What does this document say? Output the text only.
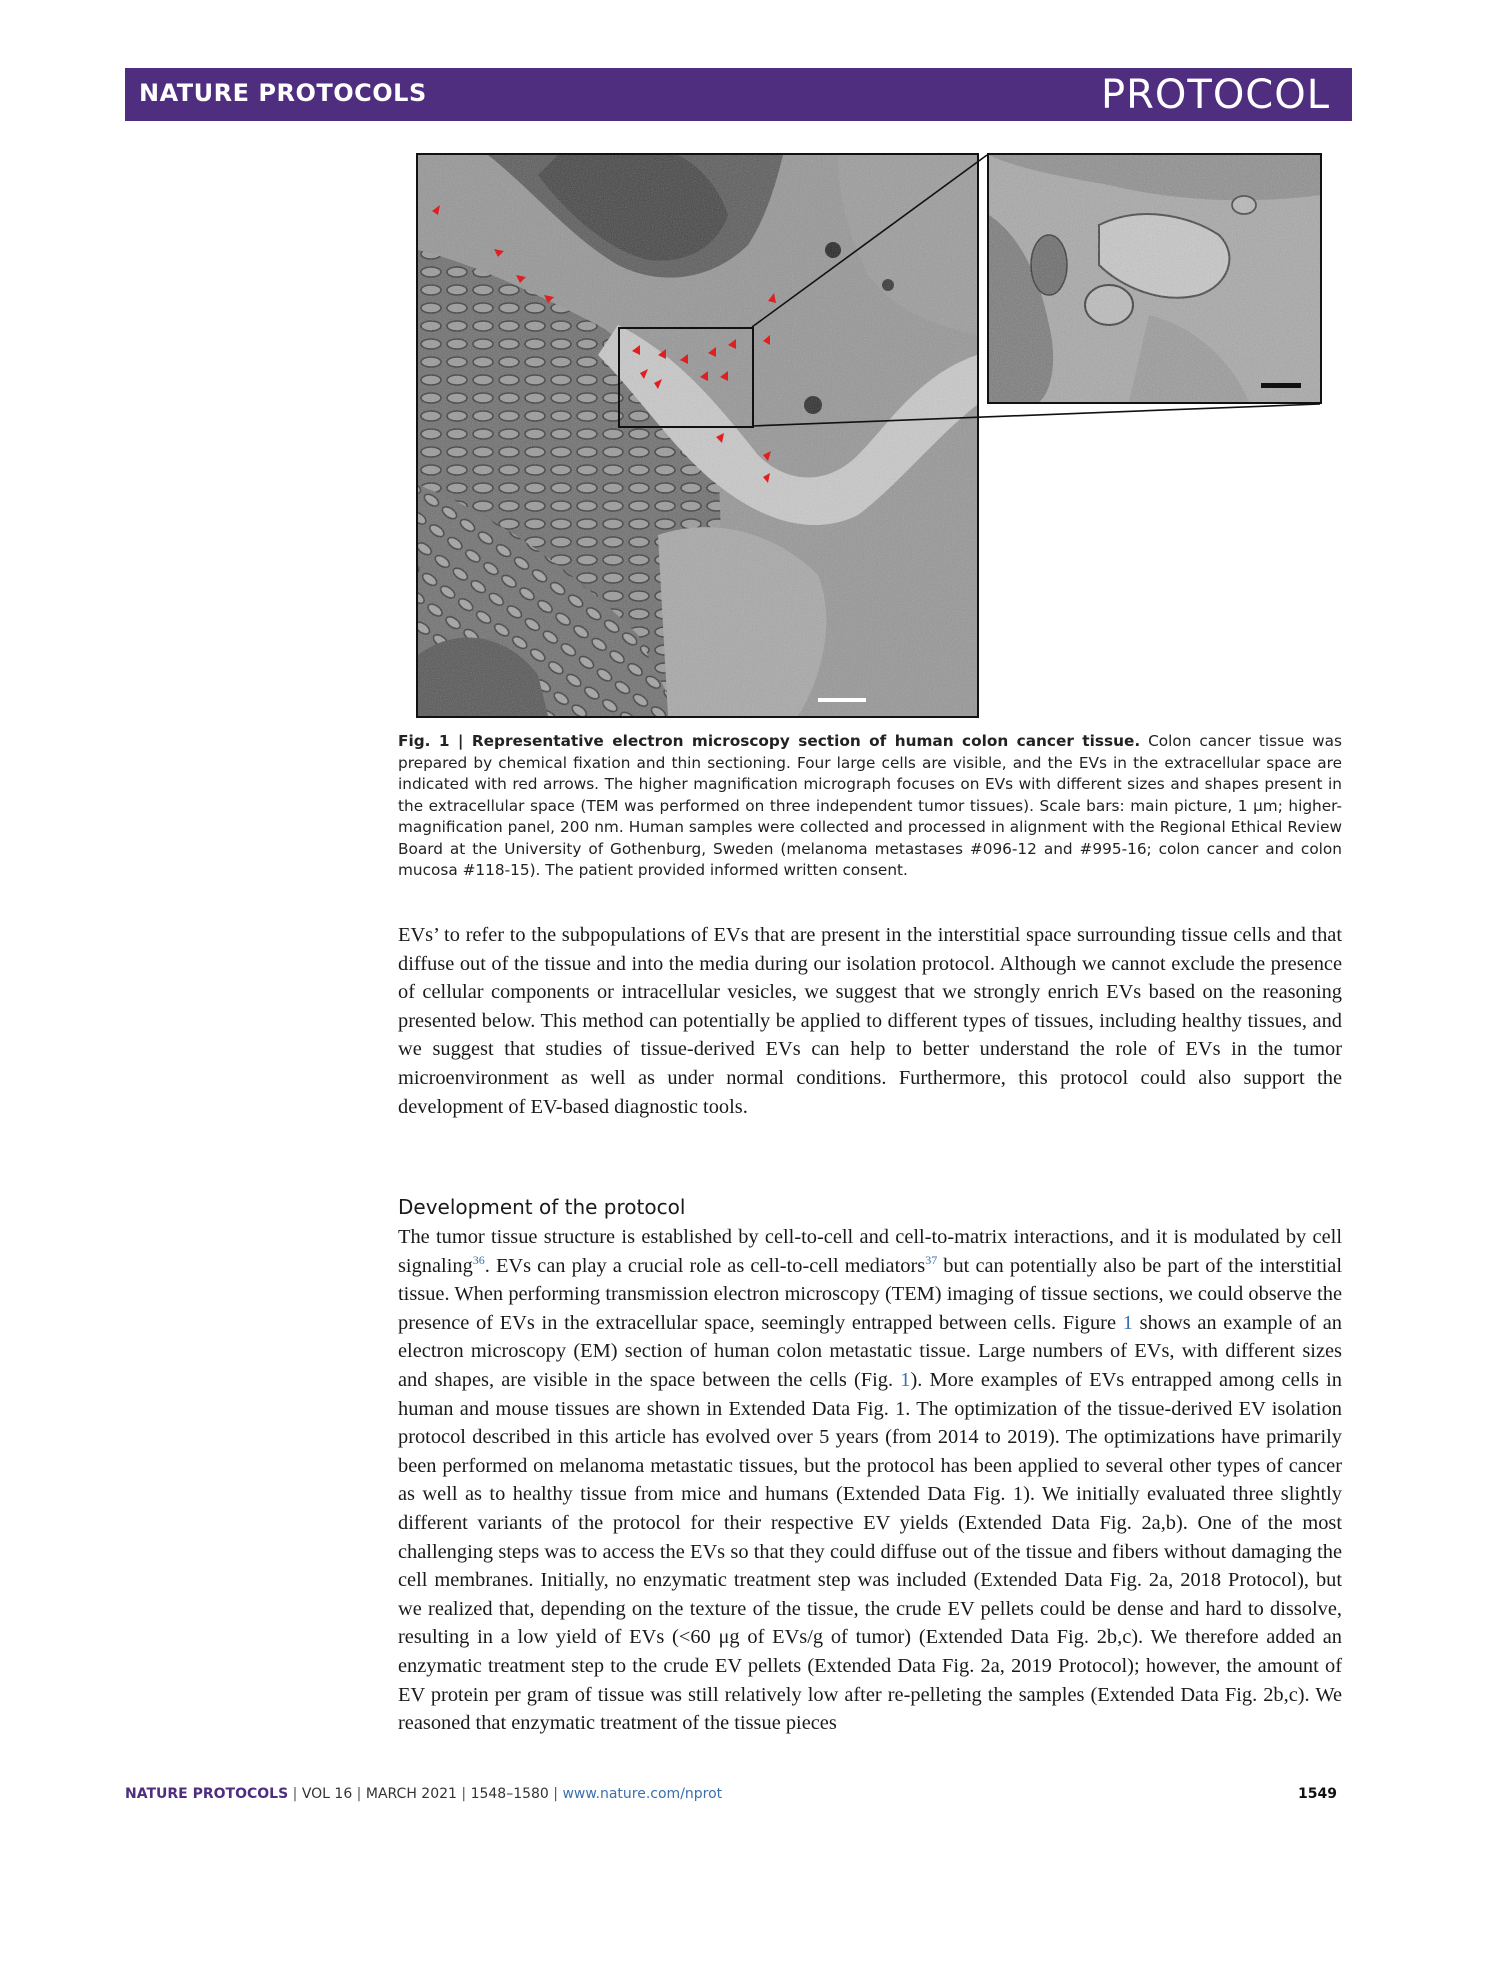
NATURE PROTOCOLS	PROTOCOL
Fig. 1 | Representative electron microscopy section of human colon cancer tissue. Colon cancer tissue was prepared by chemical fixation and thin sectioning. Four large cells are visible, and the EVs in the extracellular space are indicated with red arrows. The higher magnification micrograph focuses on EVs with different sizes and shapes present in the extracellular space (TEM was performed on three independent tumor tissues). Scale bars: main picture, 1 μm; higher-magnification panel, 200 nm. Human samples were collected and processed in alignment with the Regional Ethical Review Board at the University of Gothenburg, Sweden (melanoma metastases #096-12 and #995-16; colon cancer and colon mucosa #118-15). The patient provided informed written consent.

EVs’ to refer to the subpopulations of EVs that are present in the interstitial space surrounding tissue cells and that diffuse out of the tissue and into the media during our isolation protocol. Although we cannot exclude the presence of cellular components or intracellular vesicles, we suggest that we strongly enrich EVs based on the reasoning presented below. This method can potentially be applied to different types of tissues, including healthy tissues, and we suggest that studies of tissue-derived EVs can help to better understand the role of EVs in the tumor microenvironment as well as under normal conditions. Furthermore, this protocol could also support the development of EV-based diagnostic tools.

Development of the protocol

The tumor tissue structure is established by cell-to-cell and cell-to-matrix interactions, and it is modulated by cell signaling$^{36}$. EVs can play a crucial role as cell-to-cell mediators$^{37}$ but can potentially also be part of the interstitial tissue. When performing transmission electron microscopy (TEM) imaging of tissue sections, we could observe the presence of EVs in the extracellular space, seemingly entrapped between cells. Figure 1 shows an example of an electron microscopy (EM) section of human colon metastatic tissue. Large numbers of EVs, with different sizes and shapes, are visible in the space between the cells (Fig. 1). More examples of EVs entrapped among cells in human and mouse tissues are shown in Extended Data Fig. 1. The optimization of the tissue-derived EV isolation protocol described in this article has evolved over 5 years (from 2014 to 2019). The optimizations have primarily been performed on melanoma metastatic tissues, but the protocol has been applied to several other types of cancer as well as to healthy tissue from mice and humans (Extended Data Fig. 1). We initially evaluated three slightly different variants of the protocol for their respective EV yields (Extended Data Fig. 2a,b). One of the most challenging steps was to access the EVs so that they could diffuse out of the tissue and fibers without damaging the cell membranes. Initially, no enzymatic treatment step was included (Extended Data Fig. 2a, 2018 Protocol), but we realized that, depending on the texture of the tissue, the crude EV pellets could be dense and hard to dissolve, resulting in a low yield of EVs (<60 μg of EVs/g of tumor) (Extended Data Fig. 2b,c). We therefore added an enzymatic treatment step to the crude EV pellets (Extended Data Fig. 2a, 2019 Protocol); however, the amount of EV protein per gram of tissue was still relatively low after re-pelleting the samples (Extended Data Fig. 2b,c). We reasoned that enzymatic treatment of the tissue pieces

NATURE PROTOCOLS | VOL 16 | MARCH 2021 | 1548–1580 | www.nature.com/nprot	1549
